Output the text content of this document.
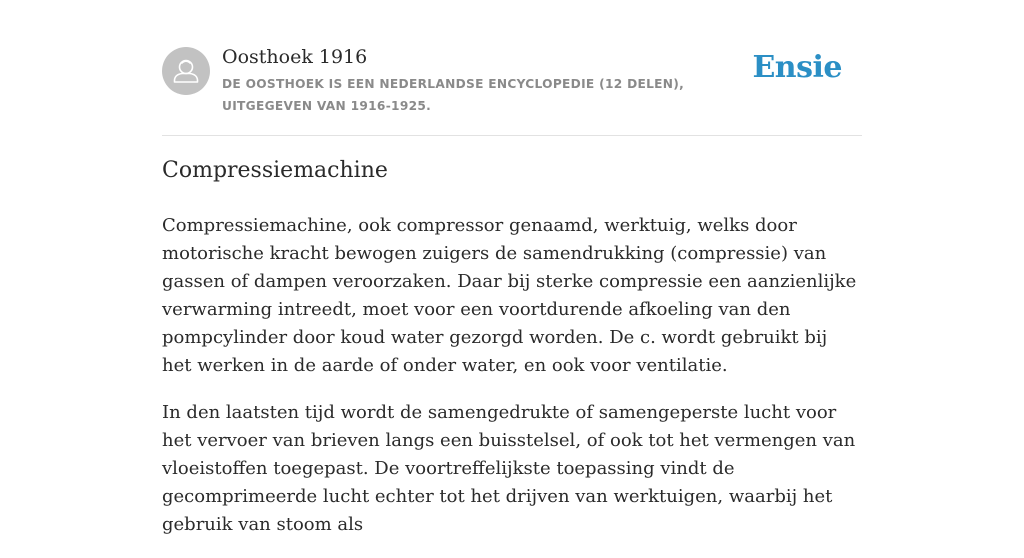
Oosthoek 1916
DE OOSTHOEK IS EEN NEDERLANDSE ENCYCLOPEDIE (12 DELEN), UITGEGEVEN VAN 1916-1925.
Ensie
Compressiemachine

Compressiemachine, ook compressor genaamd, werktuig, welks door motorische kracht bewogen zuigers de samendrukking (compressie) van gassen of dampen veroorzaken. Daar bij sterke compressie een aanzienlijke verwarming intreedt, moet voor een voortdurende afkoeling van den pompcylinder door koud water gezorgd worden. De c. wordt gebruikt bij het werken in de aarde of onder water, en ook voor ventilatie.

In den laatsten tijd wordt de samengedrukte of samengeperste lucht voor het vervoer van brieven langs een buisstelsel, of ook tot het vermengen van vloeistoffen toegepast. De voortreffelijkste toepassing vindt de gecomprimeerde lucht echter tot het drijven van werktuigen, waarbij het gebruik van stoom als
